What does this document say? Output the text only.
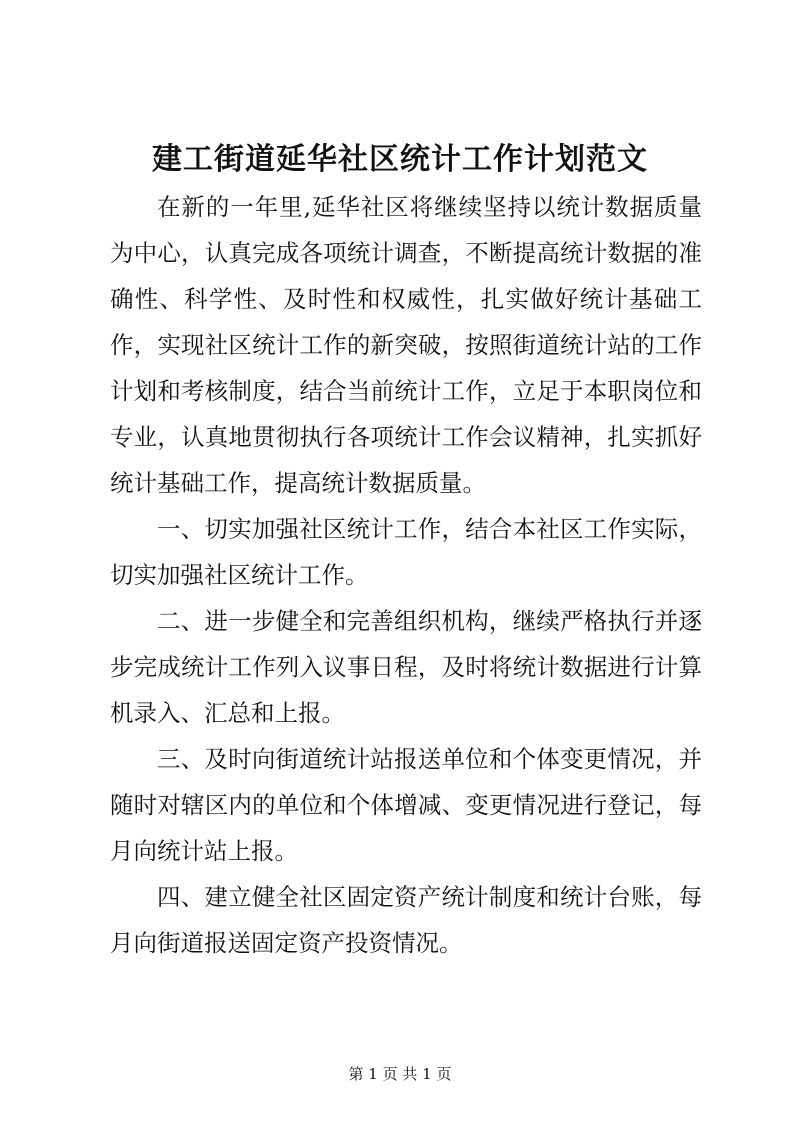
建工街道延华社区统计工作计划范文

在新的一年里,延华社区将继续坚持以统计数据质量为中心，认真完成各项统计调查，不断提高统计数据的准确性、科学性、及时性和权威性，扎实做好统计基础工作，实现社区统计工作的新突破，按照街道统计站的工作计划和考核制度，结合当前统计工作，立足于本职岗位和专业，认真地贯彻执行各项统计工作会议精神，扎实抓好统计基础工作，提高统计数据质量。

一、切实加强社区统计工作，结合本社区工作实际，切实加强社区统计工作。

二、进一步健全和完善组织机构，继续严格执行并逐步完成统计工作列入议事日程，及时将统计数据进行计算机录入、汇总和上报。

三、及时向街道统计站报送单位和个体变更情况，并随时对辖区内的单位和个体增减、变更情况进行登记，每月向统计站上报。

四、建立健全社区固定资产统计制度和统计台账，每月向街道报送固定资产投资情况。

第 1 页 共 1 页
